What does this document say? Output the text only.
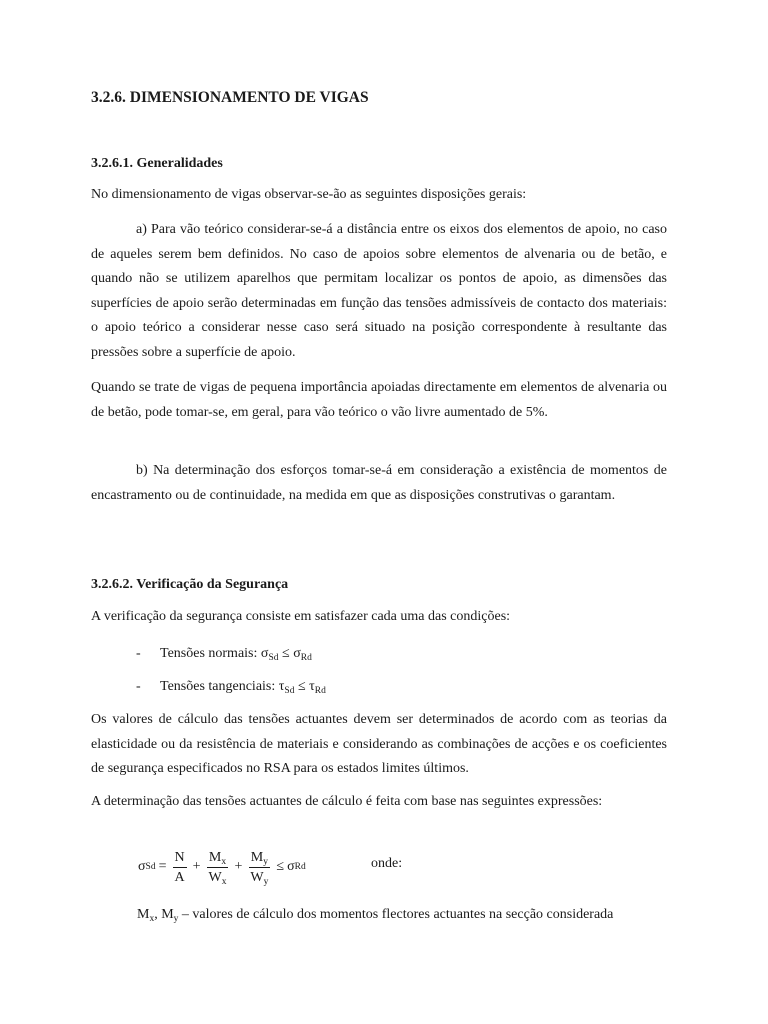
3.2.6. DIMENSIONAMENTO DE VIGAS
3.2.6.1. Generalidades
No dimensionamento de vigas observar-se-ão as seguintes disposições gerais:
a) Para vão teórico considerar-se-á a distância entre os eixos dos elementos de apoio, no caso de aqueles serem bem definidos. No caso de apoios sobre elementos de alvenaria ou de betão, e quando não se utilizem aparelhos que permitam localizar os pontos de apoio, as dimensões das superfícies de apoio serão determinadas em função das tensões admissíveis de contacto dos materiais: o apoio teórico a considerar nesse caso será situado na posição correspondente à resultante das pressões sobre a superfície de apoio.
Quando se trate de vigas de pequena importância apoiadas directamente em elementos de alvenaria ou de betão, pode tomar-se, em geral, para vão teórico o vão livre aumentado de 5%.
b) Na determinação dos esforços tomar-se-á em consideração a existência de momentos de encastramento ou de continuidade, na medida em que as disposições construtivas o garantam.
3.2.6.2. Verificação da Segurança
A verificação da segurança consiste em satisfazer cada uma das condições:
- Tensões normais: $\sigma_{Sd} \le \sigma_{Rd}$
- Tensões tangenciais: $\tau_{Sd} \le \tau_{Rd}$
Os valores de cálculo das tensões actuantes devem ser determinados de acordo com as teorias da elasticidade ou da resistência de materiais e considerando as combinações de acções e os coeficientes de segurança especificados no RSA para os estados limites últimos.
A determinação das tensões actuantes de cálculo é feita com base nas seguintes expressões:
σ $Sd = \frac{N}{A} + \frac{M_x}{W_x} + \frac{M_y}{W_y} \le \sigma$ Rd	onde:
$M_x$, $M_y$ – valores de cálculo dos momentos flectores actuantes na secção considerada
